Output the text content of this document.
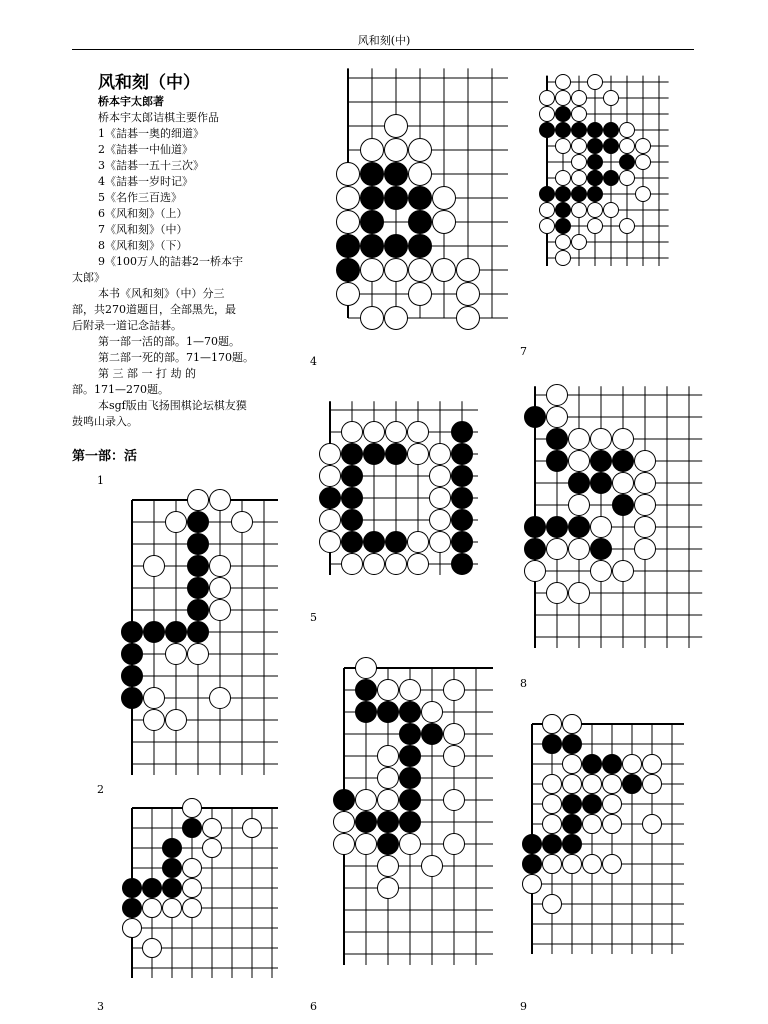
风和刻(中)
风和刻（中）
桥本宇太郎著
桥本宇太郎诘棋主要作品
1《詰碁一奥的细道》
2《詰碁一中仙道》
3《詰碁一五十三次》
4《詰碁一岁时记》
5《名作三百选》
6《风和刻》（上）
7《风和刻》（中）
8《风和刻》（下）
9《100万人的詰碁2一桥本宇
太郎》
本书《风和刻》（中）分三
部，共270道题目，全部黑先，最
后附录一道记念詰碁。
第一部一活的部。1—70题。
第二部一死的部。71—170题。
第 三 部 一 打 劫 的
部。171—270题。
本sgf版由飞扬围棋论坛棋友獏
鼓鸣山录入。
第一部：活
1
2
3
4
5
6
7
8
9
